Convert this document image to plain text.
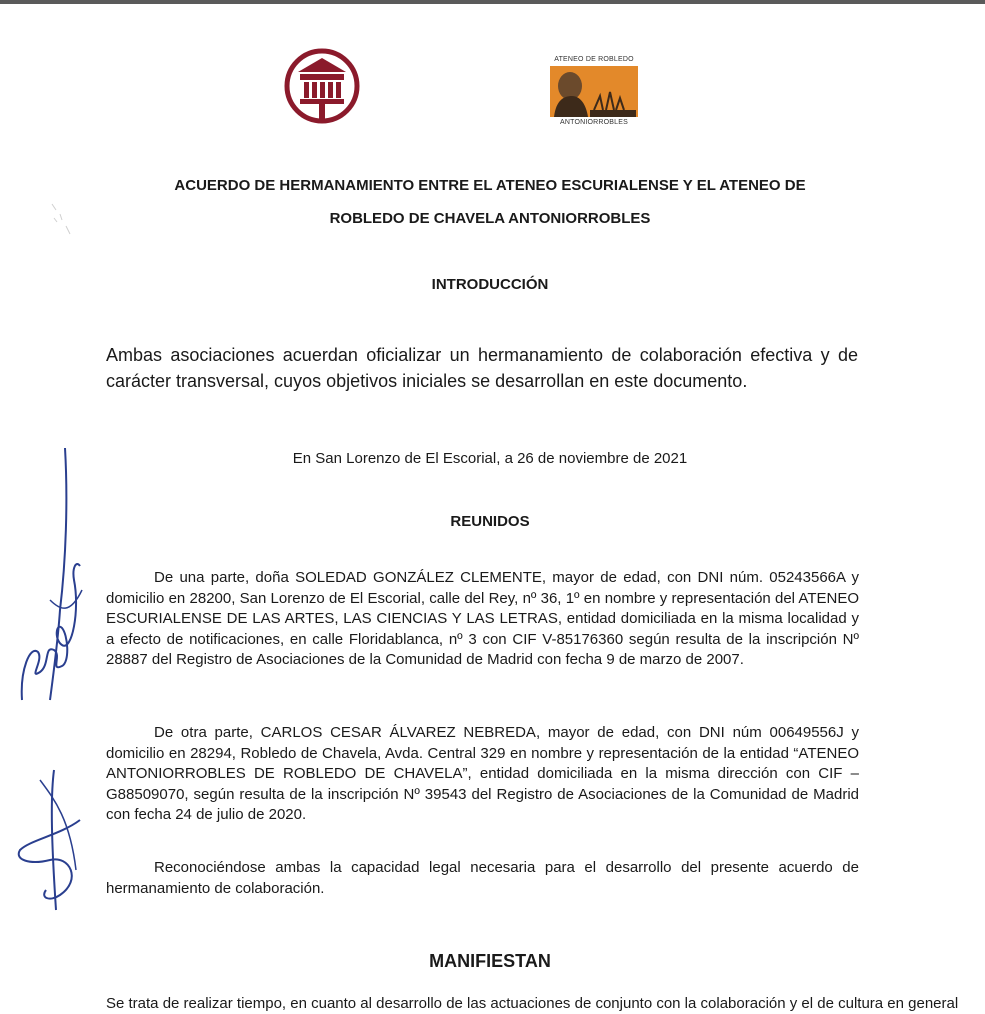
ATENEO DE ROBLEDO
ANTONIORROBLES
ACUERDO DE HERMANAMIENTO ENTRE EL ATENEO ESCURIALENSE Y EL ATENEO DE
ROBLEDO DE CHAVELA ANTONIORROBLES
INTRODUCCIÓN
Ambas asociaciones acuerdan oficializar un hermanamiento de colaboración efectiva y de carácter transversal, cuyos objetivos iniciales se desarrollan en este documento.
En San Lorenzo de El Escorial, a 26 de noviembre de 2021
REUNIDOS
De una parte, doña SOLEDAD GONZÁLEZ CLEMENTE, mayor de edad, con DNI núm. 05243566A y domicilio en 28200, San Lorenzo de El Escorial, calle del Rey, nº 36, 1º en nombre y representación del ATENEO ESCURIALENSE DE LAS ARTES, LAS CIENCIAS Y LAS LETRAS, entidad domiciliada en la misma localidad y a efecto de notificaciones, en calle Floridablanca, nº 3 con CIF V-85176360 según resulta de la inscripción Nº 28887 del Registro de Asociaciones de la Comunidad de Madrid con fecha 9 de marzo de 2007.
De otra parte, CARLOS CESAR ÁLVAREZ NEBREDA, mayor de edad, con DNI núm 00649556J y domicilio en 28294, Robledo de Chavela, Avda. Central 329 en nombre y representación de la entidad “ATENEO ANTONIORROBLES DE ROBLEDO DE CHAVELA”, entidad domiciliada en la misma dirección con CIF – G88509070, según resulta de la inscripción Nº 39543 del Registro de Asociaciones de la Comunidad de Madrid con fecha 24 de julio de 2020.
Reconociéndose ambas la capacidad legal necesaria para el desarrollo del presente acuerdo de hermanamiento de colaboración.
MANIFIESTAN
Se trata de realizar tiempo, en cuanto al desarrollo de las actuaciones de conjunto con la colaboración y el de cultura en general
